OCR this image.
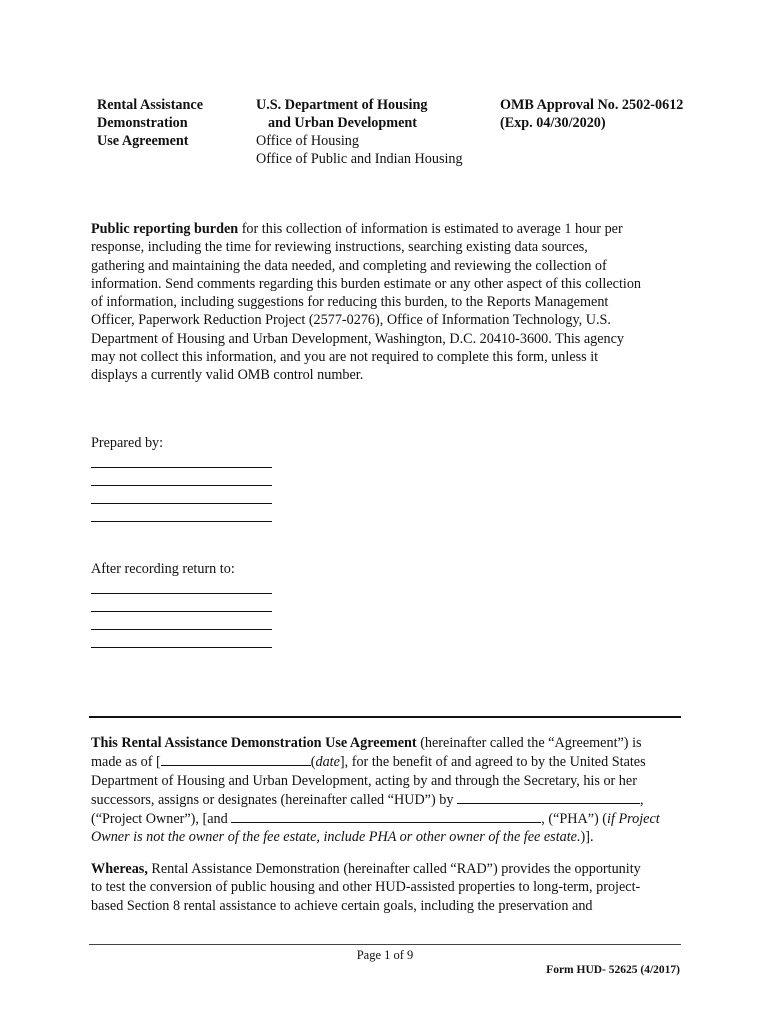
Rental Assistance
Demonstration
Use Agreement
U.S. Department of Housing
and Urban Development
Office of Housing
Office of Public and Indian Housing
OMB Approval No. 2502-0612
(Exp. 04/30/2020)
Public reporting burden for this collection of information is estimated to average 1 hour per
response, including the time for reviewing instructions, searching existing data sources,
gathering and maintaining the data needed, and completing and reviewing the collection of
information. Send comments regarding this burden estimate or any other aspect of this collection
of information, including suggestions for reducing this burden, to the Reports Management
Officer, Paperwork Reduction Project (2577-0276), Office of Information Technology, U.S.
Department of Housing and Urban Development, Washington, D.C. 20410-3600. This agency
may not collect this information, and you are not required to complete this form, unless it
displays a currently valid OMB control number.
Prepared by:
After recording return to:
This Rental Assistance Demonstration Use Agreement (hereinafter called the “Agreement”) is
made as of [	(date], for the benefit of and agreed to by the United States
Department of Housing and Urban Development, acting by and through the Secretary, his or her
successors, assigns or designates (hereinafter called “HUD”) by	,
(“Project Owner”), [and	, (“PHA”) (if Project
Owner is not the owner of the fee estate, include PHA or other owner of the fee estate.)].
Whereas, Rental Assistance Demonstration (hereinafter called “RAD”) provides the opportunity
to test the conversion of public housing and other HUD-assisted properties to long-term, project-
based Section 8 rental assistance to achieve certain goals, including the preservation and
Page 1 of 9
Form HUD- 52625 (4/2017)
